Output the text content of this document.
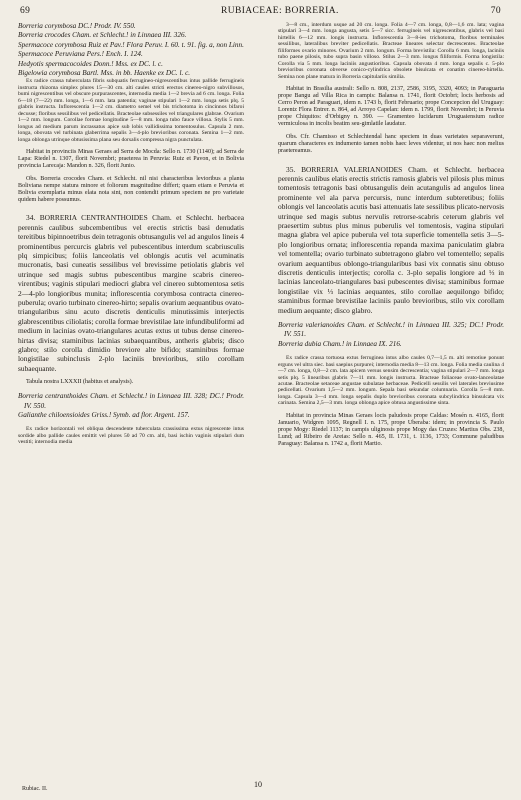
69	RUBIACEAE: BORRERIA.	70

Borreria corymbosa DC.! Prodr. IV. 550.

Borreria crocodes Cham. et Schlecht.! in Linnaea III. 326.

Spermacoce corymbosa Ruiz et Pav.! Flora Peruv. I. 60. t. 91. fig. a, non Linn.

Spermacoce Peruviana Pers.! Ench. I. 124.

Hedyotis spermacocoides Donn.! Mss. ex DC. l. c.

Bigelowia corymbosa Bartl. Mss. in bb. Haenke ex DC. l. c.

Ex radice crassa tuberculata fibris subquatis ferrugineo-nigrescentibus intus pallide ferrugineis instructa rhizoma simplex plures 15—30 cm. alti caules stricti erectos cinereo-nigro subvillosos, bumi nigrescentibus vel obscure purpurascentes, internodia media 1—2 brevia ad 6 cm. longa. Folia 6—18 (7—22) mm. longa, 1—6 mm. lata patentia; vaginae stipulari 1—2 mm. longa setis plq. 5 glabris instructa. Inflorescentia 1—2 cm. diametro semel vel bis trichotoma in cincinnos bifaroi decusse; floribus sessilibus vel pedicellatis. Bracteolae subsessiles vel triangulares glabrae. Ovarium 1—2 mm. longum. Corollae formae longitudine 5—8 mm. longa tubo fauce villosa. Stylis 5 mm. longus ad medium parum incrassatus apice sub lobis vallidissima tomentosulus. Capsula 2 mm. longa, obovata vel turbinata glaberrima sepalis 3—4-plo brevioribus coronata. Semina 1—2 mm. longa oblonga utrinque obtusissima plana seu dorsalis compressa nigra punctulata.

Habitat in provinciis Minas Geraes ad Serra de Mocda: Sello n. 1730 (1140); ad Serra de Lapa: Riedel n. 1307, florit Novembri; praeterea in Peruvia: Ruiz et Pavon, et in Bolivia provincia Larecaja: Mandon n. 326, florit Junio.

Obs. Borreria crocodes Cham. et Schlecht. nil nisi characteribus levioribus a planta Boliviana nempe statura minore et foliorum magnitudine differt; quam etiam e Peruvia et Bolivia exemplaria minus elata nota sint, non contendit primum speciem ne pro varietate quidem habere possumus.

34. BORRERIA CENTRANTHOIDES Cham. et Schlecht. herbacea perennis caulibus subcembentibus vel erectis strictis basi denudatis tereitibus bipinnoetribus dein tetragonis obtusangulis vel ad angulos lineis 4 prominentibus percurcis glabris vel pubescentibus interdum scabriusculis plq simpicibus; foliis lanceolatis vel oblongis acutis vel acuminatis mucronatis, basi cuneatis sessilibus vel brevissime petiolatis glabris vel utrinque sed magis subtus pubescentibus margine scabris cinereo-virentibus; vaginis stipulari mediocri glabra vel cinereo subtomentosa setis 2—4-plo longioribus munita; inflorescentia corymbosa contracta cinereo-puberula; ovario turbinato cinereo-hirto; sepalis ovarium aequantibus ovato-triangularibus sinu acuto discretis denticulis minutissimis interjectis glabrescentibus ciliolatis; corolla formae brevistilae late infundibuliformi ad medium in lacinias ovato-triangulares acutas extus ut tubus dense cinereo-hirtas divisa; staminibus lacinias subaequantibus, antheris glabris; disco glabro; stilo corolla dimidio breviore alte bifido; staminibus formae longistilae subinclusis 2-plo laciniis brevioribus, stilo corollam subaequante.

Tabula nostra LXXXII (habitus et analysis).

Borreria centranthoides Cham. et Schlecht.! in Linnaea III. 328; DC.! Prodr. IV. 550.

Galianthe chiloensioides Griss.! Symb. ad flor. Argent. 157.

Ex radice horizontali vel obliqua descendente tuberculata crassissima extus nigrescente intus sordide albo pallide caules emittit vel plures 50 ad 70 cm. alti, basi ischin vaginis stipulari dum vestiti; internodia media

3—8 cm., interdum usque ad 20 cm. longa. Folia 4—7 cm. longa, 0,8—1,6 cm. lata; vagina stipulari 3—4 mm. longa angusta, setis 5—7 sicc. ferrugineis vel nigrescentibus, glabris vel basi hirtellis 6—12 mm. longis instructa. Inflorescentia 3—8-ies trichotoma, floribus terminales sessilibus, lateralibus breviter pedicellatis. Bracteae lineares selectar decrescentes. Bracteolae filiformes ovario minores. Ovarium 2 mm. longum. Forma brevistila: Corolla 6 mm. longa, laciniis tubo paene pilosis, tubo supra basin villoso. Stilus 2—3 mm. longus filiformis. Forma longistila: Corolla via 5 mm. longa laciniis angustioribus. Capsula obovata 4 mm. longa sepalis c. 5-plo brevioribus coronata obverse conico-cylindrica obsolete bisulcata et conatim cinereo-hirtella. Semina non plane matura in Borreria capitulariis similia.

Habitat in Brasilia australi: Sello n. 808, 2137, 2586, 3195, 3320, 4093; in Paraguaria prope Bangu ad Villa Rica in campis: Balansa n. 1741, florit Octobri; locis herbosis ad Cerro Peron ad Paraguari, idem n. 1743 b, florit Februario; prope Concepcion del Uruguay: Lorentz Flora Entrer. n. 864, ad Arroyo Capelan: idem n. 1799, florit Novembri; in Peruvia prope Chiquitos: d'Orbigny n. 390. — Gramenteo lucidarum Uruguaiensium radice vermiculosa in incolis beatim seu-gimlatile laudatur.

Obs. Cfr. Chamisso et Schlechtendal hanc speciem in duas varietates separaverunt, quarum characteres ex indumento tamen nobis haec leves videntur, ut nos haec non melius praetereamus.

35. BORRERIA VALERIANOIDES Cham. et Schlecht. herbacea perennis caulibus elatis erectis strictis ramosis glabris vel pilosis plus minus tomentosis tetragonis basi obtusangulis dein acutangulis ad angulos linea prominente vel ala parva percursis, nunc interdum subteretibus; foliis oblongis vel lanceolatis acutis basi attenuatis late sessilibus plicato-nervosis utrinque sed magis subtus nervulis retrorse-scabris ceterum glabris vel praesertim subtus plus minus puberulis vel tomentosis, vagina stipulari magna glabra vel apice puberula vel tota superficie tomentella setis 3—5-plo longioribus ornata; inflorescentia repanda maxima paniculatim glabra vel tomentella; ovario turbinato subtetragono glabro vel tomentello; sepalis ovarium aequantibus oblongo-triangularibus basi vix connatis sinu obtuso discretis denticulis interjectis; corolla c. 3-plo sepalis longiore ad ⅓ in lacinias lanceolato-triangulares basi pubescentes divisa; staminibus formae longistilae vix ⅓ lacinias aequantes, stilo corollae aequilongo bifido; staminibus formae brevistilae laciniis paulo brevioribus, stilo vix corollam medium aequante; disco glabro.

Borreria valerianoides Cham. et Schlecht.! in Linnaea III. 325; DC.! Prodr. IV. 551.

Borreria dubia Cham.! in Linnaea IX. 216.

Ex radice crassa tortuosa extus ferruginea intus albo caules 0,7—1,5 m. alti remotiue ponunt erguns vel ultra siec. basi saepius purpurei; internodia media 8—13 cm. longa. Folia media caulina 4—7 cm. longa, 0,8—2 cm. lata apicem versus sensim decrescentia; vagina stipulari 2—7 mm. longa setis plq. 5 linearibus glabris 7—11 mm. longis instructa. Bracteae foliaceae ovato-lanceolatae acutae. Bracteolae setaceae angustae subulatae herbaceae. Pedicelli sessilis vel laterales breviusime pedicellati. Ovarium 1,5—2 mm. longum. Sepala basi sekundar columnaria. Corolla 5—8 mm. longa. Capsula 3—4 mm. longa sepalis duplo brevioribus coronata subcylindrica binsulcata vix carinata. Semina 2,5—3 mm. longa oblonga apice obtusa angustissime sinta.

Habitat in provincia Minas Geraes locis paludosis prope Caldas: Mosén n. 4165, florit Januario, Widgren 1095, Regnell I. n. 175, prope Uberaba: idem; in provincia S. Paulo prope Mogy: Riedel 1137; in campis uliginosis prope Mogy das Cruzes: Martius Obs. 238, Lund; ad Ribeiro de Areias: Sello n. 465, II. 1731, t. 1136, 1733; Commune paludibus Paraguay: Balansa n. 1742 a, florit Martio.

Rubiac. II.	10
